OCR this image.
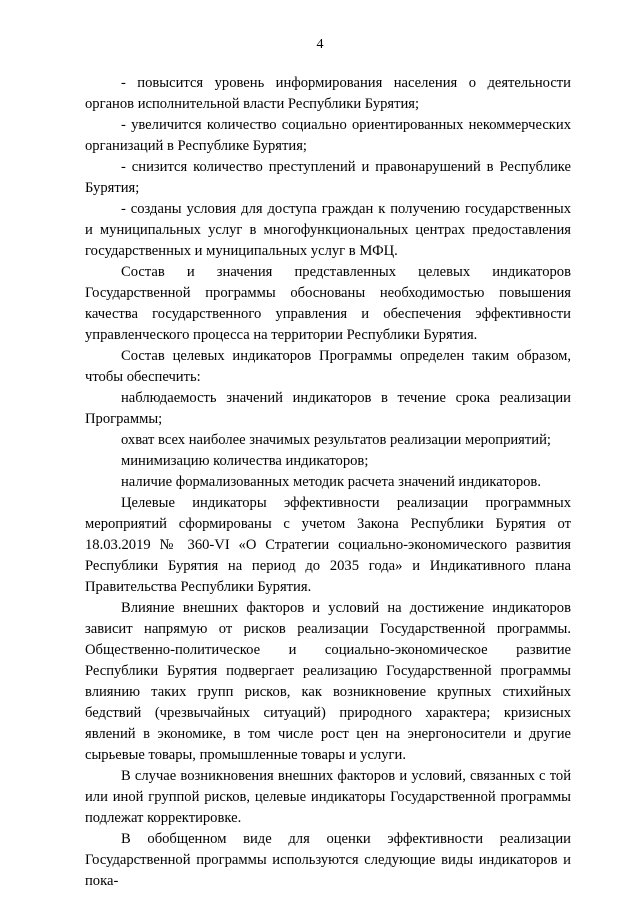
4

- повысится уровень информирования населения о деятельности органов исполнительной власти Республики Бурятия;

- увеличится количество социально ориентированных некоммерческих организаций в Республике Бурятия;

- снизится количество преступлений и правонарушений в Республике Бурятия;

- созданы условия для доступа граждан к получению государственных и муниципальных услуг в многофункциональных центрах предоставления государственных и муниципальных услуг в МФЦ.

Состав и значения представленных целевых индикаторов Государственной программы обоснованы необходимостью повышения качества государственного управления и обеспечения эффективности управленческого процесса на территории Республики Бурятия.

Состав целевых индикаторов Программы определен таким образом, чтобы обеспечить:

наблюдаемость значений индикаторов в течение срока реализации Программы;

охват всех наиболее значимых результатов реализации мероприятий;

минимизацию количества индикаторов;

наличие формализованных методик расчета значений индикаторов.

Целевые индикаторы эффективности реализации программных мероприятий сформированы с учетом Закона Республики Бурятия от 18.03.2019 № 360-VI «О Стратегии социально-экономического развития Республики Бурятия на период до 2035 года» и Индикативного плана Правительства Республики Бурятия.

Влияние внешних факторов и условий на достижение индикаторов зависит напрямую от рисков реализации Государственной программы. Общественно-политическое и социально-экономическое развитие Республики Бурятия подвергает реализацию Государственной программы влиянию таких групп рисков, как возникновение крупных стихийных бедствий (чрезвычайных ситуаций) природного характера; кризисных явлений в экономике, в том числе рост цен на энергоносители и другие сырьевые товары, промышленные товары и услуги.

В случае возникновения внешних факторов и условий, связанных с той или иной группой рисков, целевые индикаторы Государственной программы подлежат корректировке.

В обобщенном виде для оценки эффективности реализации Государственной программы используются следующие виды индикаторов и пока-
